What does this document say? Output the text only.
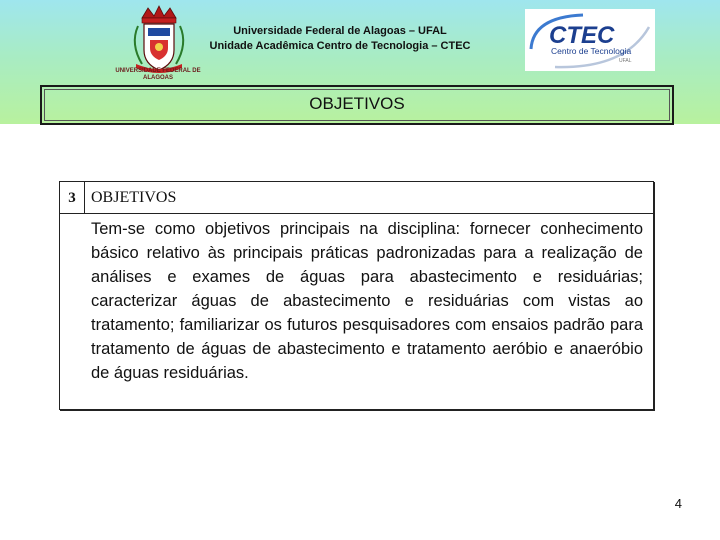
UNIVERSIDADE FEDERAL DE ALAGOAS
Universidade Federal de Alagoas – UFAL
Unidade Acadêmica Centro de Tecnologia – CTEC	CTEC
Centro de Tecnologia
UFAL
OBJETIVOS
3 OBJETIVOS
Tem-se como objetivos principais na disciplina: fornecer conhecimento básico relativo às principais práticas padronizadas para a realização de análises e exames de águas para abastecimento e residuárias; caracterizar águas de abastecimento e residuárias com vistas ao tratamento; familiarizar os futuros pesquisadores com ensaios padrão para tratamento de águas de abastecimento e tratamento aeróbio e anaeróbio de águas residuárias.
4
